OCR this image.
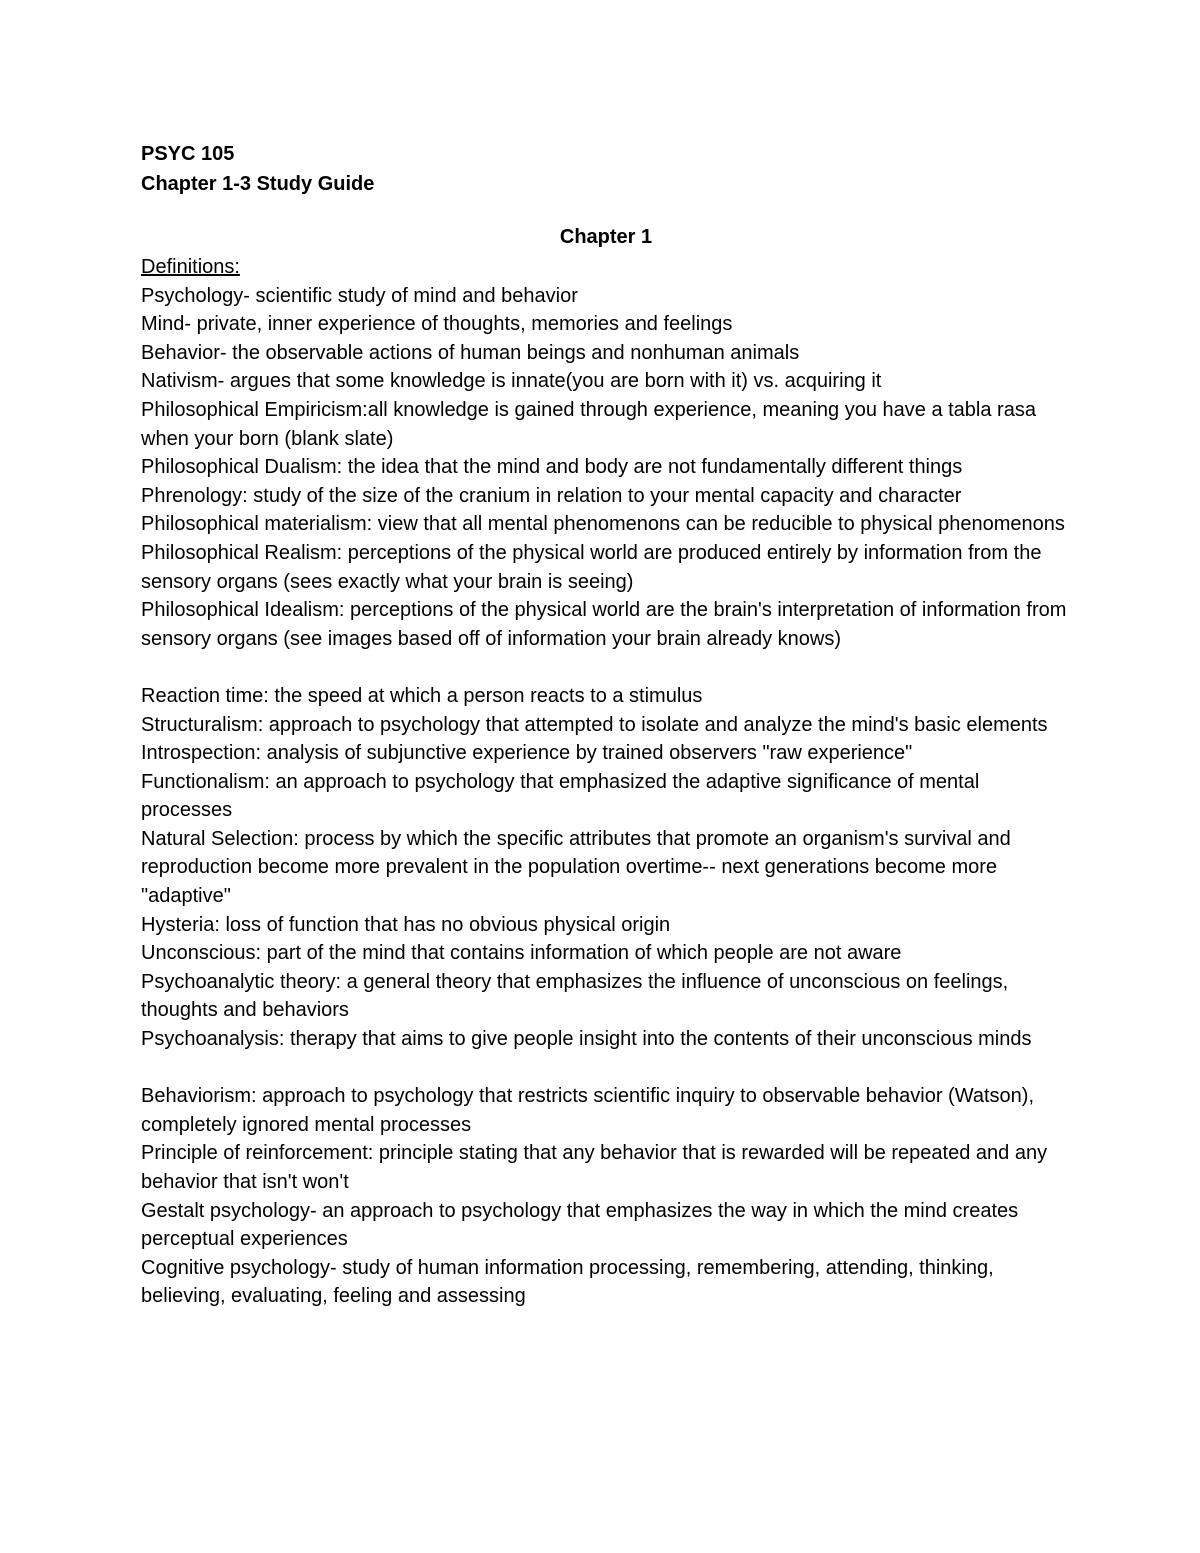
PSYC 105
Chapter 1-3 Study Guide
Chapter 1
Definitions:

Psychology- scientific study of mind and behavior

Mind- private, inner experience of thoughts, memories and feelings

Behavior- the observable actions of human beings and nonhuman animals

Nativism- argues that some knowledge is innate(you are born with it) vs. acquiring it

Philosophical Empiricism:all knowledge is gained through experience, meaning you have a tabla rasa when your born (blank slate)

Philosophical Dualism: the idea that the mind and body are not fundamentally different things

Phrenology: study of the size of the cranium in relation to your mental capacity and character

Philosophical materialism: view that all mental phenomenons can be reducible to physical phenomenons

Philosophical Realism: perceptions of the physical world are produced entirely by information from the sensory organs (sees exactly what your brain is seeing)

Philosophical Idealism: perceptions of the physical world are the brain's interpretation of information from sensory organs (see images based off of information your brain already knows)

Reaction time: the speed at which a person reacts to a stimulus

Structuralism: approach to psychology that attempted to isolate and analyze the mind's basic elements

Introspection: analysis of subjunctive experience by trained observers "raw experience"

Functionalism: an approach to psychology that emphasized the adaptive significance of mental processes

Natural Selection: process by which the specific attributes that promote an organism's survival and reproduction become more prevalent in the population overtime-- next generations become more "adaptive"

Hysteria: loss of function that has no obvious physical origin

Unconscious: part of the mind that contains information of which people are not aware

Psychoanalytic theory: a general theory that emphasizes the influence of unconscious on feelings, thoughts and behaviors

Psychoanalysis: therapy that aims to give people insight into the contents of their unconscious minds

Behaviorism: approach to psychology that restricts scientific inquiry to observable behavior (Watson), completely ignored mental processes

Principle of reinforcement: principle stating that any behavior that is rewarded will be repeated and any behavior that isn't won't

Gestalt psychology- an approach to psychology that emphasizes the way in which the mind creates perceptual experiences

Cognitive psychology- study of human information processing, remembering, attending, thinking, believing, evaluating, feeling and assessing
